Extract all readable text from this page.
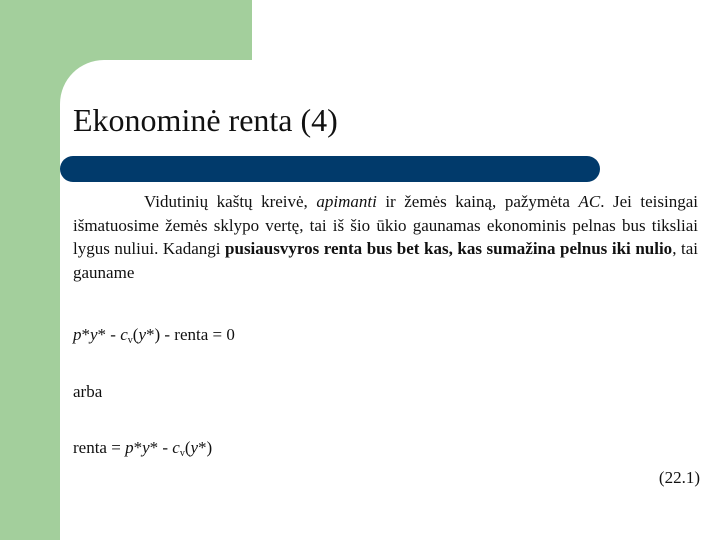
Ekonominė renta (4)

Vidutinių kaštų kreivė, apimanti ir žemės kainą, pažymėta AC. Jei teisingai išmatuosime žemės sklypo vertę, tai iš šio ūkio gaunamas ekonominis pelnas bus tiksliai lygus nuliui. Kadangi pusiausvyros renta bus bet kas, kas sumažina pelnus iki nulio, tai gauname

$p*y* - c_v(y*)$ - renta = 0
arba
renta = $p*y* - c_v(y*)$
(22.1)
